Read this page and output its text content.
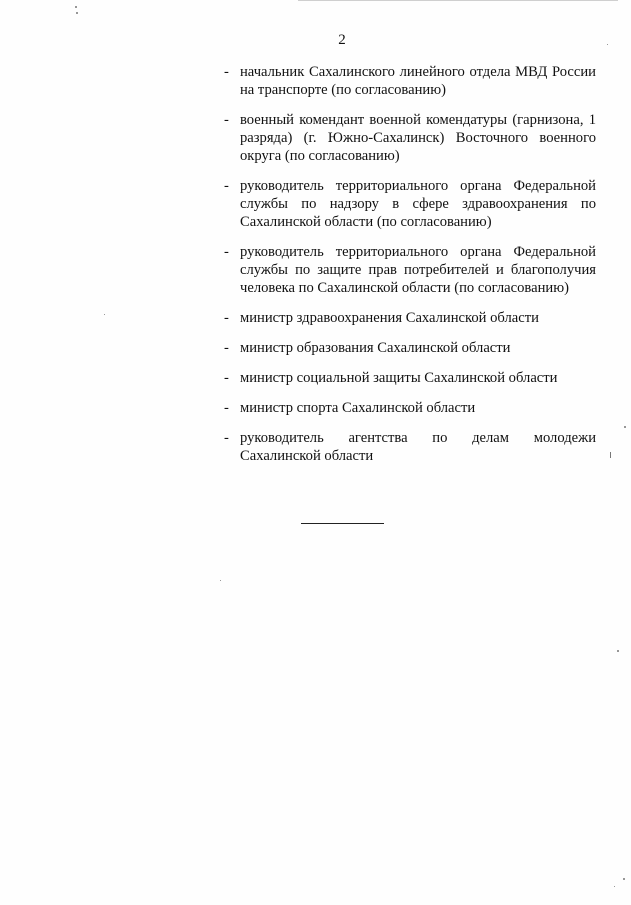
2
- начальник Сахалинского линейного отдела МВД России на транспорте (по согласованию)
- военный комендант военной комендатуры (гарнизона, 1 разряда) (г. Южно-Сахалинск) Восточного военного округа (по согласованию)
- руководитель территориального органа Федеральной службы по надзору в сфере здравоохранения по Сахалинской области (по согласованию)
- руководитель территориального органа Федеральной службы по защите прав потребителей и благополучия человека по Сахалинской области (по согласованию)
- министр здравоохранения Сахалинской области
- министр образования Сахалинской области
- министр социальной защиты Сахалинской области
- министр спорта Сахалинской области
- руководитель агентства по делам молодежи Сахалинской области
